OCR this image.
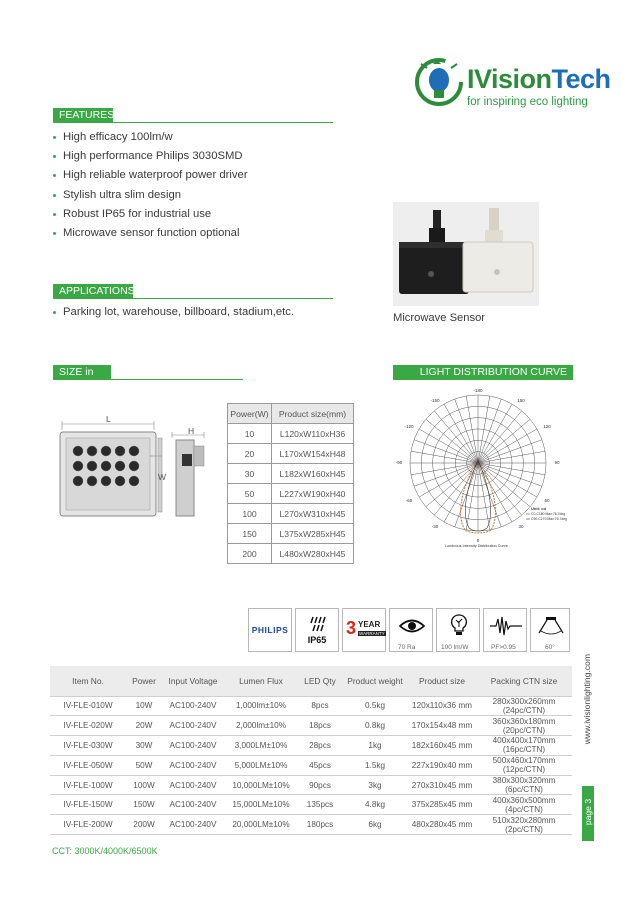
IVisionTech
for inspiring eco lighting
FEATURES
High efficacy 100lm/w
High performance Philips 3030SMD
High reliable waterproof power driver
Stylish ultra slim design
Robust IP65 for industrial use
Microwave sensor function optional
APPLICATIONS
Parking lot, warehouse, billboard, stadium,etc.	Microwave Sensor
SIZE in mm
L
H
W
Power(W)	Product size(mm)
10	L120xW110xH36
20	L170xW154xH48
30	L182xW160xH45
50	L227xW190xH40
100	L270xW310xH45
150	L375xW285xH45
200	L480xW280xH45
LIGHT DISTRIBUTION CURVE
-180
-150	150
-120	120
-90	90
-60	60
-30	30
0
Unit: cd
C0-C180 Max:76.7deg
C90-C270 Max:76.7deg
Luminous Intensity Distribution Curve
PHILIPS
IP65
3 YEAR
WARRANTY
70 Ra	100 lm/W	PF>0.95	60°
Item No.	Power	Input Voltage	Lumen Flux	LED Qty	Product weight	Product size	Packing CTN size
IV-FLE-010W	10W	AC100-240V	1,000lm±10%	8pcs	0.5kg	120x110x36 mm	280x300x260mm
(24pc/CTN)
IV-FLE-020W	20W	AC100-240V	2,000lm±10%	18pcs	0.8kg	170x154x48 mm	360x360x180mm
(20pc/CTN)
IV-FLE-030W	30W	AC100-240V	3,000LM±10%	28pcs	1kg	182x160x45 mm	400x400x170mm
(16pc/CTN)
IV-FLE-050W	50W	AC100-240V	5,000LM±10%	45pcs	1.5kg	227x190x40 mm	500x460x170mm
(12pc/CTN)
IV-FLE-100W	100W	AC100-240V	10,000LM±10%	90pcs	3kg	270x310x45 mm	380x300x320mm
(6pc/CTN)
IV-FLE-150W	150W	AC100-240V	15,000LM±10%	135pcs	4.8kg	375x285x45 mm	400x360x500mm
(4pc/CTN)
IV-FLE-200W	200W	AC100-240V	20,000LM±10%	180pcs	6kg	480x280x45 mm	510x320x280mm
(2pc/CTN)
CCT: 3000K/4000K/6500K
www.ivisionlighting.com
page 3
